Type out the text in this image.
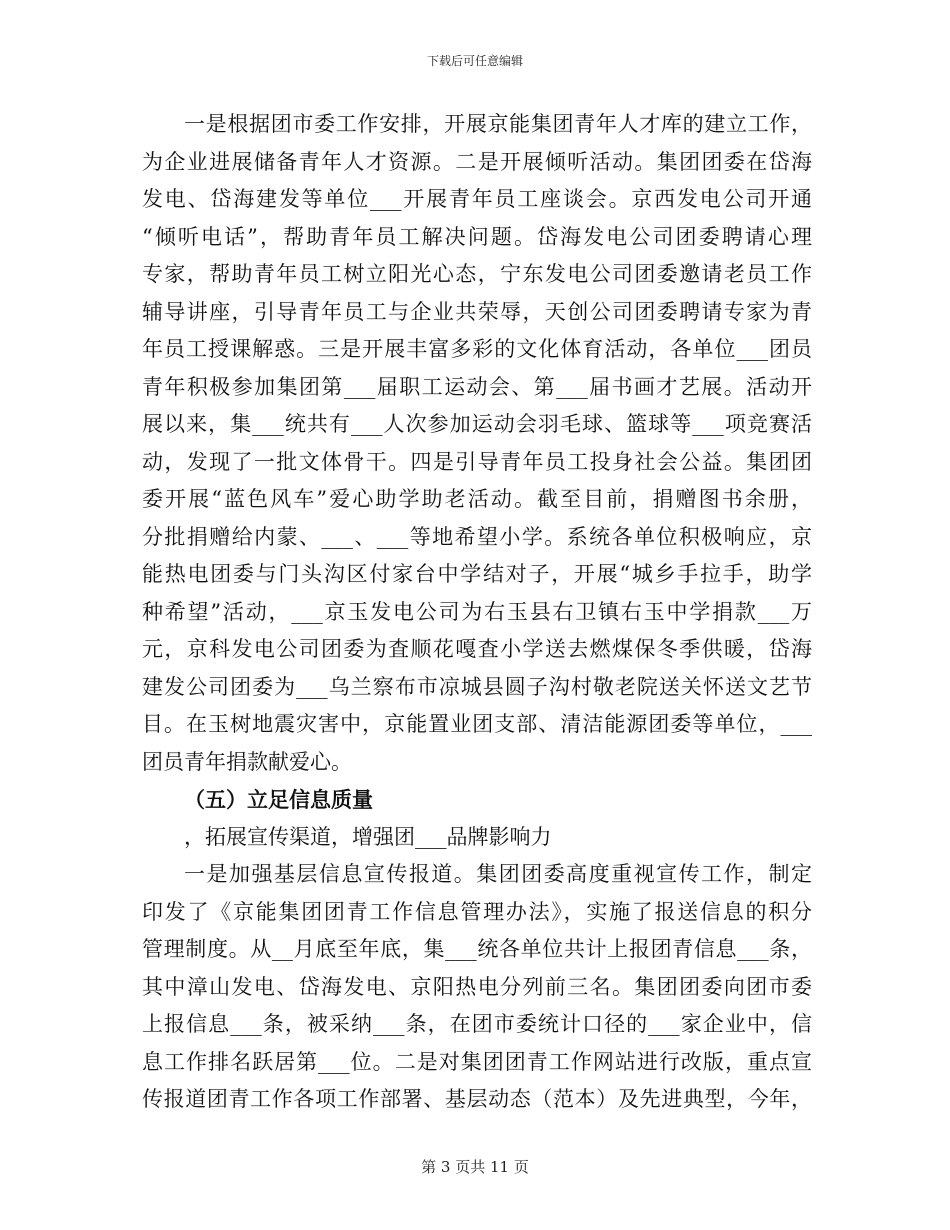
下载后可任意编辑
一是根据团市委工作安排，开展京能集团青年人才库的建立工作，
为企业进展储备青年人才资源。二是开展倾听活动。集团团委在岱海
发电、岱海建发等单位___开展青年员工座谈会。京西发电公司开通
“倾听电话”，帮助青年员工解决问题。岱海发电公司团委聘请心理
专家，帮助青年员工树立阳光心态，宁东发电公司团委邀请老员工作
辅导讲座，引导青年员工与企业共荣辱，天创公司团委聘请专家为青
年员工授课解惑。三是开展丰富多彩的文化体育活动，各单位___团员
青年积极参加集团第___届职工运动会、第___届书画才艺展。活动开
展以来，集___统共有___人次参加运动会羽毛球、篮球等___项竞赛活
动，发现了一批文体骨干。四是引导青年员工投身社会公益。集团团
委开展“蓝色风车”爱心助学助老活动。截至目前，捐赠图书余册，
分批捐赠给内蒙、___、___等地希望小学。系统各单位积极响应，京
能热电团委与门头沟区付家台中学结对子，开展“城乡手拉手，助学
种希望”活动，___京玉发电公司为右玉县右卫镇右玉中学捐款___万
元，京科发电公司团委为査顺花嘎査小学送去燃煤保冬季供暖，岱海
建发公司团委为___乌兰察布市凉城县圆子沟村敬老院送关怀送文艺节
目。在玉树地震灾害中，京能置业团支部、清洁能源团委等单位，___
团员青年捐款献爱心。
（五）立足信息质量
，拓展宣传渠道，增强团___品牌影响力
一是加强基层信息宣传报道。集团团委高度重视宣传工作，制定
印发了《京能集团团青工作信息管理办法》，实施了报送信息的积分
管理制度。从__月底至年底，集___统各单位共计上报团青信息___条，
其中漳山发电、岱海发电、京阳热电分列前三名。集团团委向团市委
上报信息___条，被采纳___条，在团市委统计口径的___家企业中，信
息工作排名跃居第___位。二是对集团团青工作网站进行改版，重点宣
传报道团青工作各项工作部署、基层动态（范本）及先进典型，今年，
第 3 页共 11 页
